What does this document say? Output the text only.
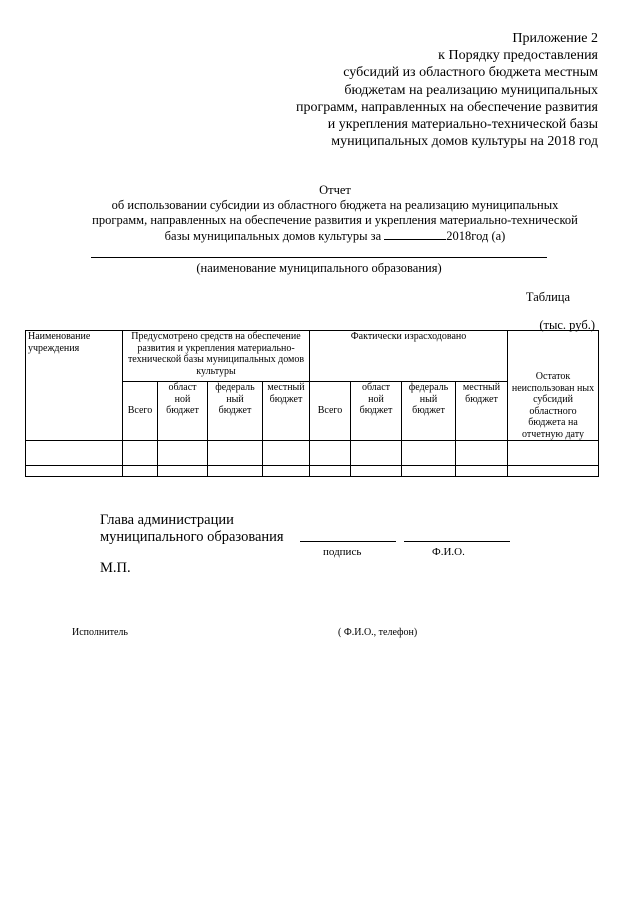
Приложение 2
к Порядку предоставления
субсидий из областного бюджета местным
бюджетам на реализацию муниципальных
программ, направленных на обеспечение развития
и укрепления материально-технической базы
муниципальных домов культуры на 2018 год
Отчет
об использовании субсидии из областного бюджета на реализацию муниципальных
программ, направленных на обеспечение развития и укрепления материально-технической
базы муниципальных домов культуры за	2018год (а)
(наименование муниципального образования)
Таблица
(тыс. руб.)
Наименование учреждения	Предусмотрено средств на обеспечение развития и укрепления материально-технической базы муниципальных домов культуры				Фактически израсходовано				Остаток неиспользован ных субсидий областного бюджета на отчетную дату
	Всего	област ной бюджет	федераль ный бюджет	местный бюджет	Всего	област ной бюджет	федераль ный бюджет	местный бюджет	

Глава администрации
муниципального образования
подпись	Ф.И.О.
М.П.
Исполнитель	( Ф.И.О., телефон)
